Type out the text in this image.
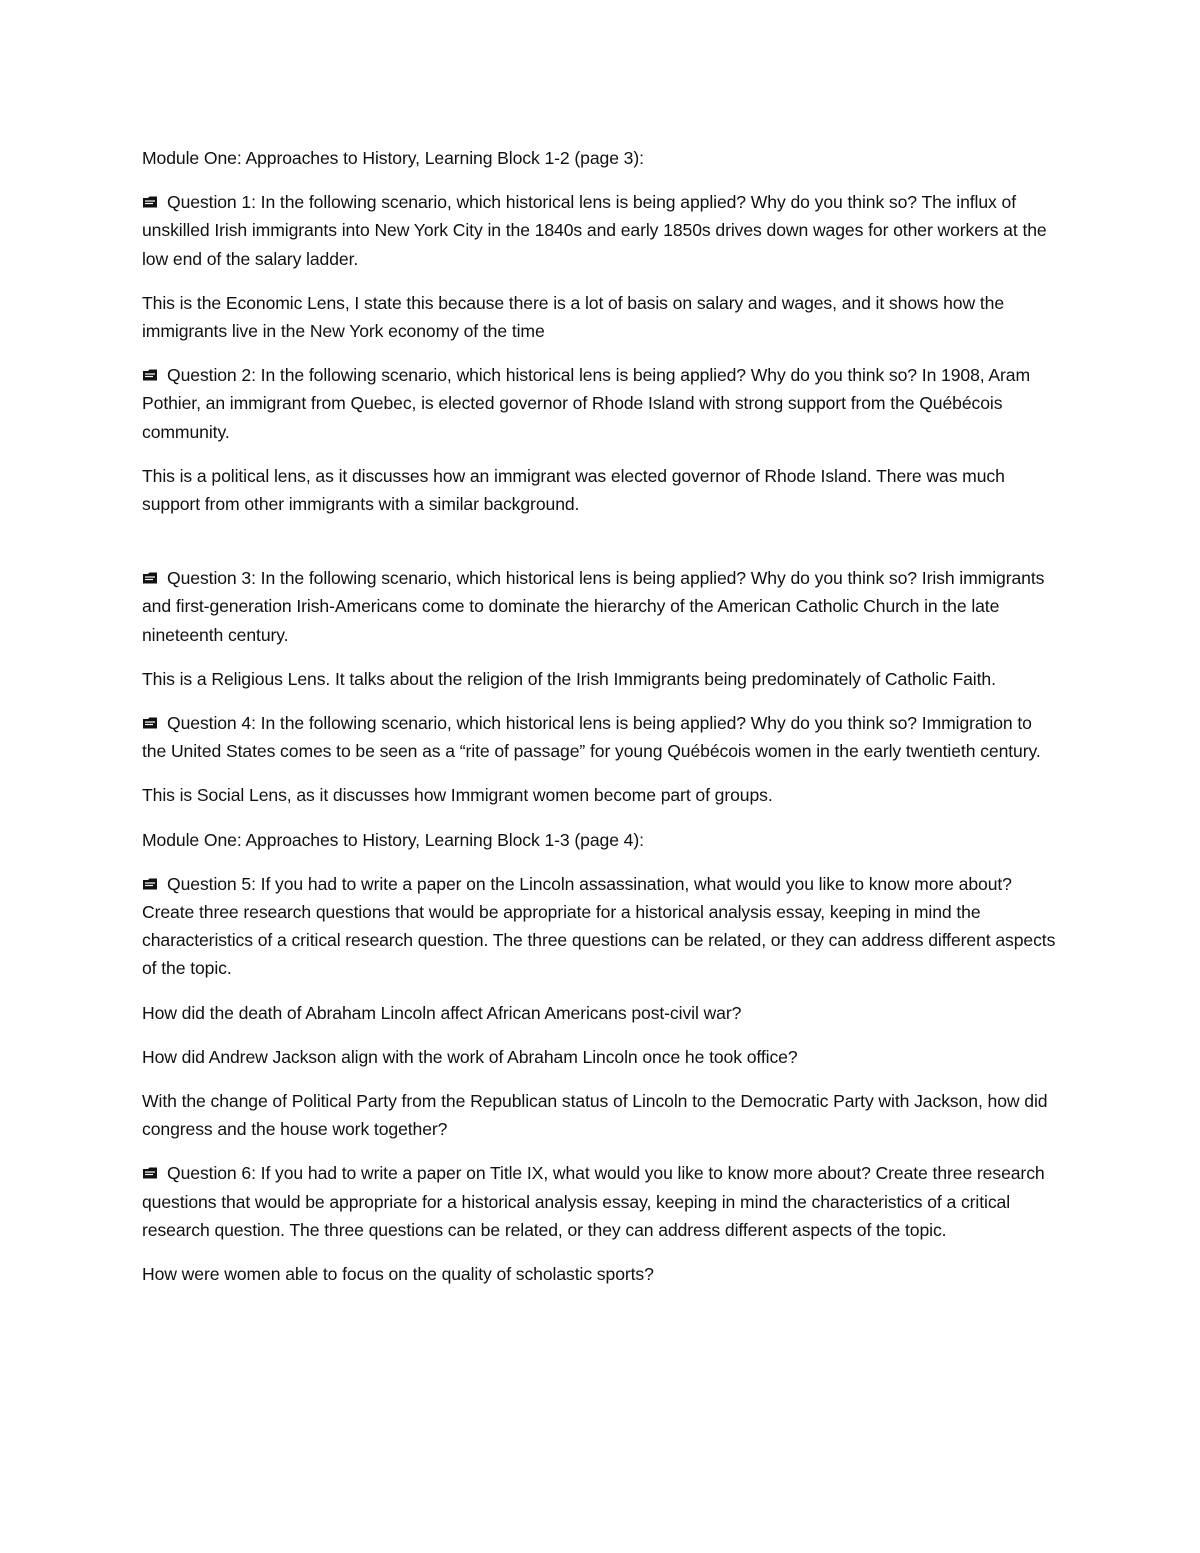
Module One: Approaches to History, Learning Block 1-2 (page 3):

Question 1: In the following scenario, which historical lens is being applied? Why do you think so? The influx of unskilled Irish immigrants into New York City in the 1840s and early 1850s drives down wages for other workers at the low end of the salary ladder.

This is the Economic Lens, I state this because there is a lot of basis on salary and wages, and it shows how the immigrants live in the New York economy of the time

Question 2: In the following scenario, which historical lens is being applied? Why do you think so? In 1908, Aram Pothier, an immigrant from Quebec, is elected governor of Rhode Island with strong support from the Québécois community.

This is a political lens, as it discusses how an immigrant was elected governor of Rhode Island. There was much support from other immigrants with a similar background.

Question 3: In the following scenario, which historical lens is being applied? Why do you think so? Irish immigrants and first-generation Irish-Americans come to dominate the hierarchy of the American Catholic Church in the late nineteenth century.

This is a Religious Lens. It talks about the religion of the Irish Immigrants being predominately of Catholic Faith.

Question 4: In the following scenario, which historical lens is being applied? Why do you think so? Immigration to the United States comes to be seen as a “rite of passage” for young Québécois women in the early twentieth century.

This is Social Lens, as it discusses how Immigrant women become part of groups.

Module One: Approaches to History, Learning Block 1-3 (page 4):

Question 5: If you had to write a paper on the Lincoln assassination, what would you like to know more about? Create three research questions that would be appropriate for a historical analysis essay, keeping in mind the characteristics of a critical research question. The three questions can be related, or they can address different aspects of the topic.

How did the death of Abraham Lincoln affect African Americans post-civil war?

How did Andrew Jackson align with the work of Abraham Lincoln once he took office?

With the change of Political Party from the Republican status of Lincoln to the Democratic Party with Jackson, how did congress and the house work together?

Question 6: If you had to write a paper on Title IX, what would you like to know more about? Create three research questions that would be appropriate for a historical analysis essay, keeping in mind the characteristics of a critical research question. The three questions can be related, or they can address different aspects of the topic.

How were women able to focus on the quality of scholastic sports?
